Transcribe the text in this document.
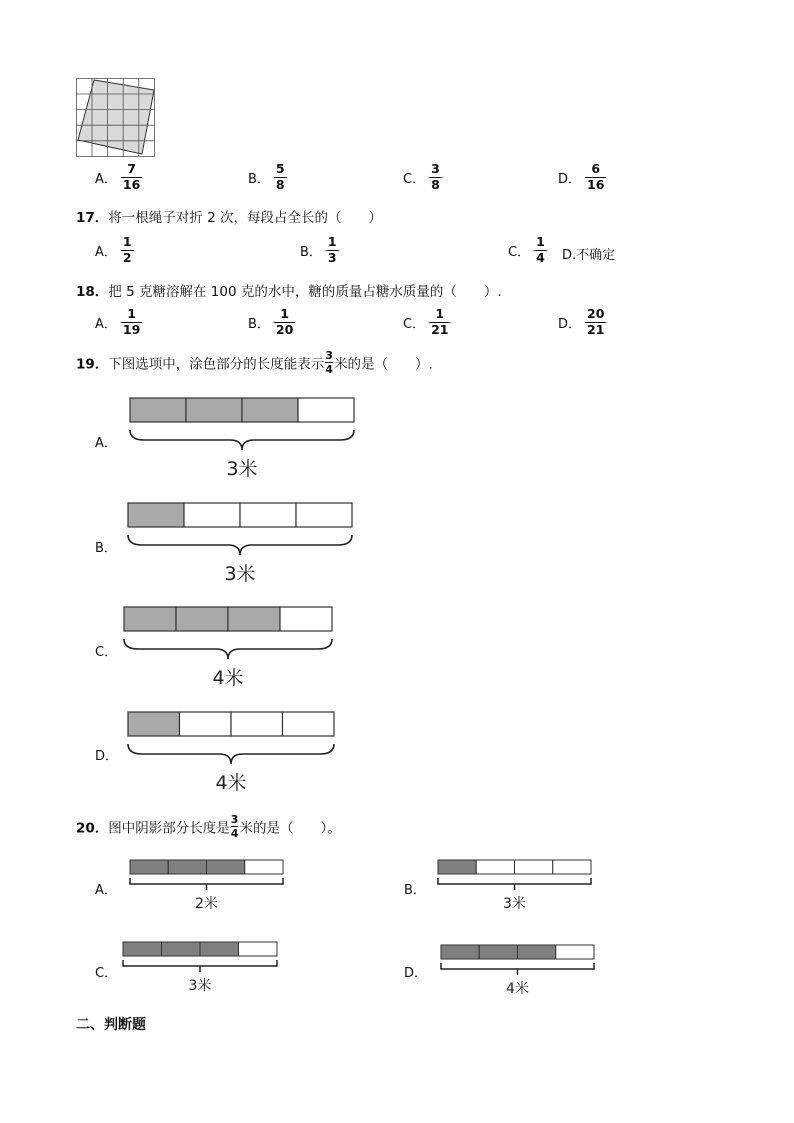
A． $\frac{7}{16}$	B． $\frac{5}{8}$	C． $\frac{3}{8}$	D． $\frac{6}{16}$
17．将一根绳子对折 2 次，每段占全长的（　　）
A． $\frac{1}{2}$	B． $\frac{1}{3}$	C． $\frac{1}{4} D$.不确定
18．把 5 克糖溶解在 100 克的水中，糖的质量占糖水质量的（　　）.
A． $\frac{1}{19}$	B． $\frac{1}{20}$	C． $\frac{1}{21}$	D． $\frac{20}{21}$
19．下图选项中，涂色部分的长度能表示 $\frac{3}{4}$ 米的是（　　）.
A．
3米
B．
3米
C．
4米
D．
4米
20．图中阴影部分长度是 $\frac{3}{4}$ 米的是（　　）。
A．
2米
B．
3米
C．
3米
D．
4米
二、判断题
